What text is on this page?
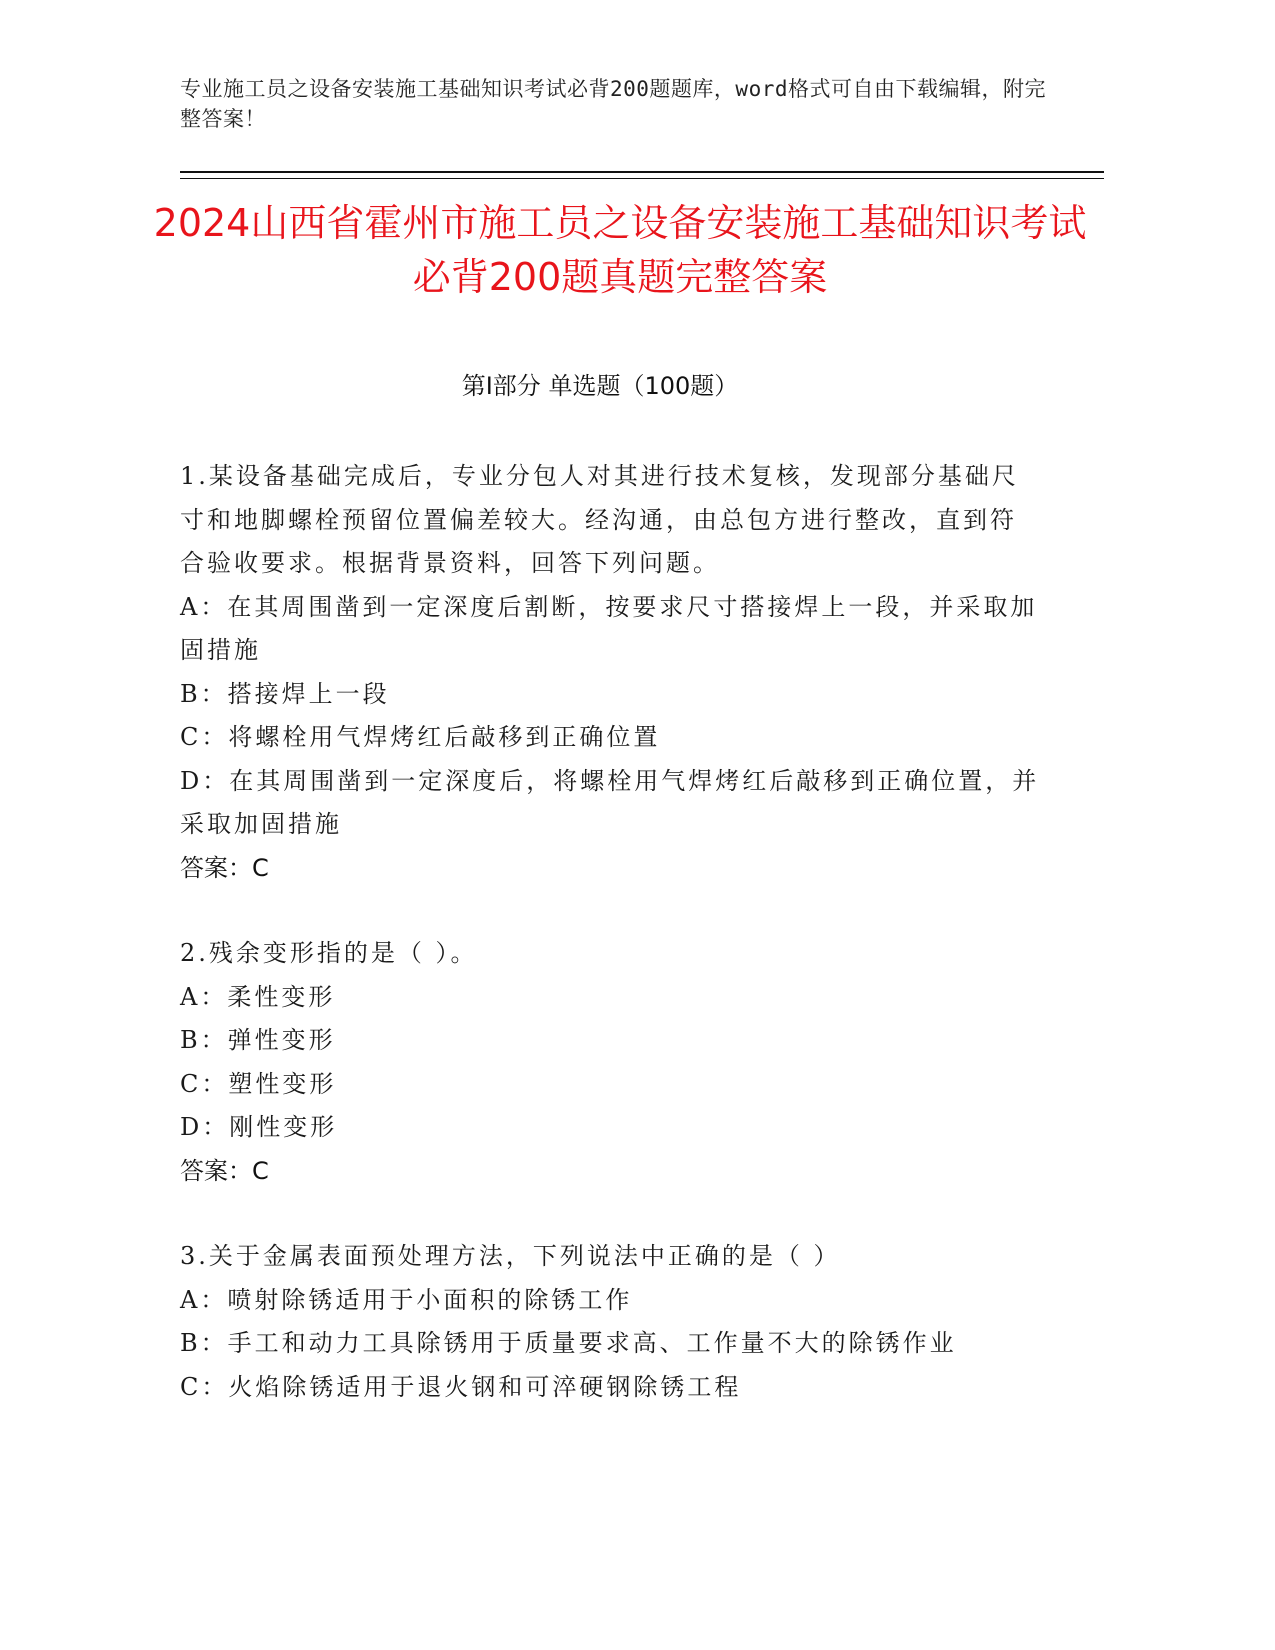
专业施工员之设备安装施工基础知识考试必背200题题库，word格式可自由下载编辑，附完整答案！
2024山西省霍州市施工员之设备安装施工基础知识考试必背200题真题完整答案
第Ⅰ部分 单选题（100题）
1.某设备基础完成后，专业分包人对其进行技术复核，发现部分基础尺寸和地脚螺栓预留位置偏差较大。经沟通，由总包方进行整改，直到符合验收要求。根据背景资料，回答下列问题。
A：在其周围凿到一定深度后割断，按要求尺寸搭接焊上一段，并采取加固措施
B：搭接焊上一段
C：将螺栓用气焊烤红后敲移到正确位置
D：在其周围凿到一定深度后，将螺栓用气焊烤红后敲移到正确位置，并采取加固措施
答案：C
2.残余变形指的是（ ）。
A：柔性变形
B：弹性变形
C：塑性变形
D：刚性变形
答案：C
3.关于金属表面预处理方法，下列说法中正确的是（ ）
A：喷射除锈适用于小面积的除锈工作
B：手工和动力工具除锈用于质量要求高、工作量不大的除锈作业
C：火焰除锈适用于退火钢和可淬硬钢除锈工程
